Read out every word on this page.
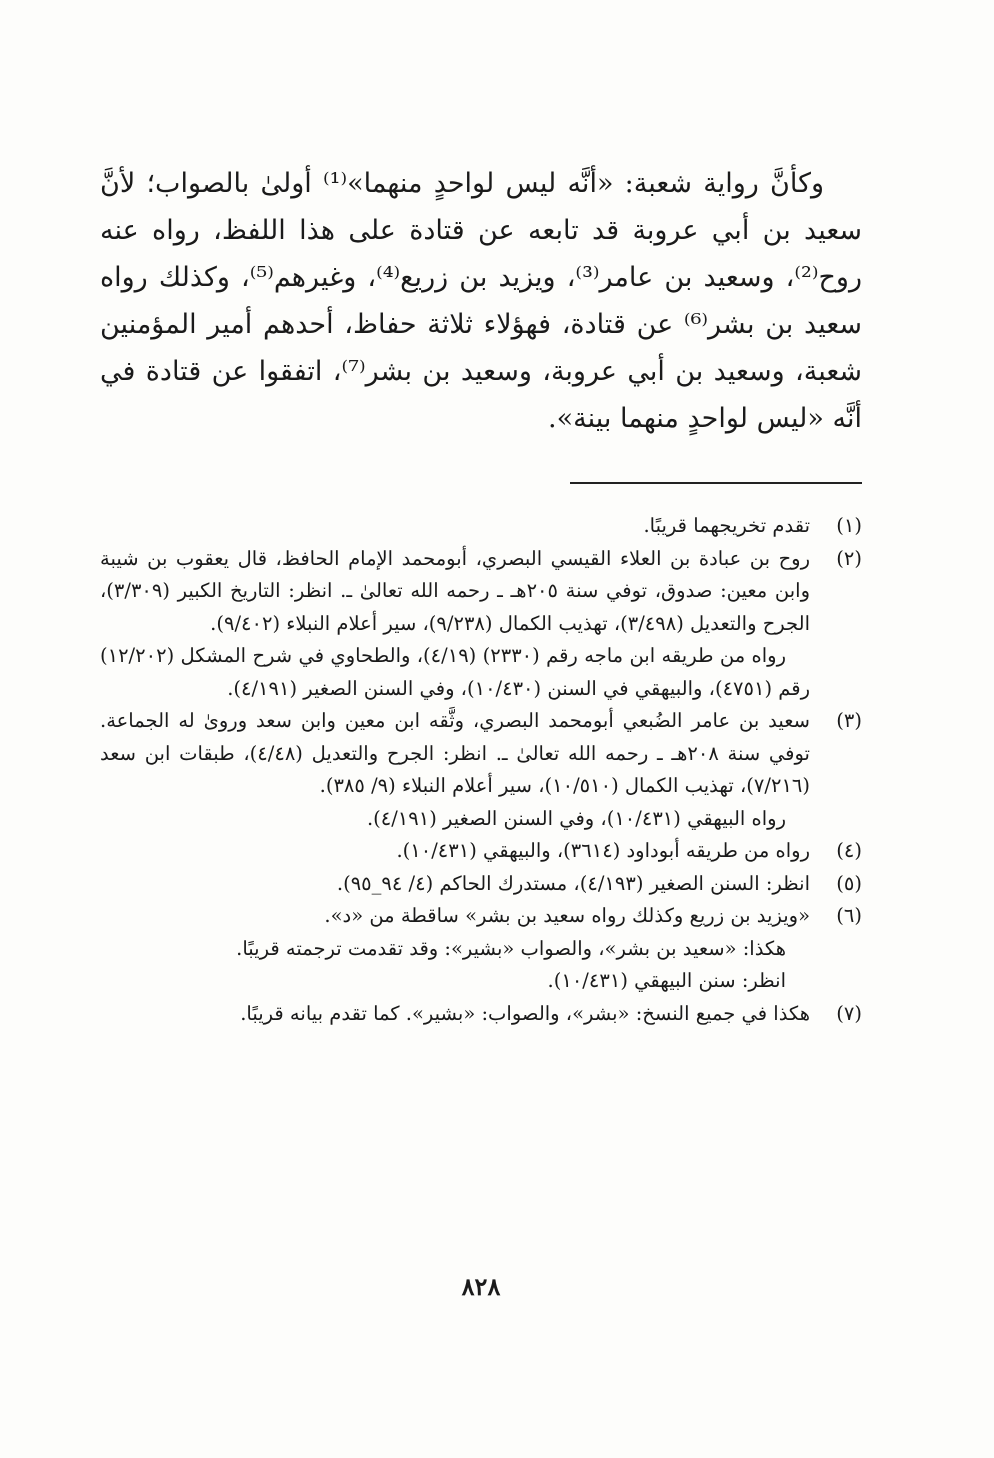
وكأنَّ رواية شعبة: «أنَّه ليس لواحدٍ منهما»⁽¹⁾ أولىٰ بالصواب؛ لأنَّ سعيد بن أبي عروبة قد تابعه عن قتادة على هذا اللفظ، رواه عنه روح⁽²⁾، وسعيد بن عامر⁽³⁾، ويزيد بن زريع⁽⁴⁾، وغيرهم⁽⁵⁾، وكذلك رواه سعيد بن بشر⁽⁶⁾ عن قتادة، فهؤلاء ثلاثة حفاظ، أحدهم أمير المؤمنين شعبة، وسعيد بن أبي عروبة، وسعيد بن بشر⁽⁷⁾، اتفقوا عن قتادة في أنَّه «ليس لواحدٍ منهما بينة».

(١)

تقدم تخريجهما قريبًا.

(٢)

روح بن عبادة بن العلاء القيسي البصري، أبومحمد الإمام الحافظ، قال يعقوب بن شيبة وابن معين: صدوق، توفي سنة ٢٠٥هـ ـ رحمه الله تعالىٰ ـ. انظر: التاريخ الكبير (٣/٣٠٩)، الجرح والتعديل (٣/٤٩٨)، تهذيب الكمال (٩/٢٣٨)، سير أعلام النبلاء (٩/٤٠٢).

رواه من طريقه ابن ماجه رقم (٢٣٣٠) (٤/١٩)، والطحاوي في شرح المشكل (١٢/٢٠٢) رقم (٤٧٥١)، والبيهقي في السنن (١٠/٤٣٠)، وفي السنن الصغير (٤/١٩١).

(٣)

سعيد بن عامر الضُبعي أبومحمد البصري، وثَّقه ابن معين وابن سعد وروىٰ له الجماعة. توفي سنة ٢٠٨هـ ـ رحمه الله تعالىٰ ـ. انظر: الجرح والتعديل (٤/٤٨)، طبقات ابن سعد (٧/٢١٦)، تهذيب الكمال (١٠/٥١٠)، سير أعلام النبلاء (٩/ ٣٨٥).

رواه البيهقي (١٠/٤٣١)، وفي السنن الصغير (٤/١٩١).

(٤)

رواه من طريقه أبوداود (٣٦١٤)، والبيهقي (١٠/٤٣١).

(٥)

انظر: السنن الصغير (٤/١٩٣)، مستدرك الحاكم (٤/ ٩٤_٩٥).

(٦)

«ويزيد بن زريع وكذلك رواه سعيد بن بشر» ساقطة من «د».

هكذا: «سعيد بن بشر»، والصواب «بشير»: وقد تقدمت ترجمته قريبًا.

انظر: سنن البيهقي (١٠/٤٣١).

(٧)

هكذا في جميع النسخ: «بشر»، والصواب: «بشير». كما تقدم بيانه قريبًا.

٨٢٨
